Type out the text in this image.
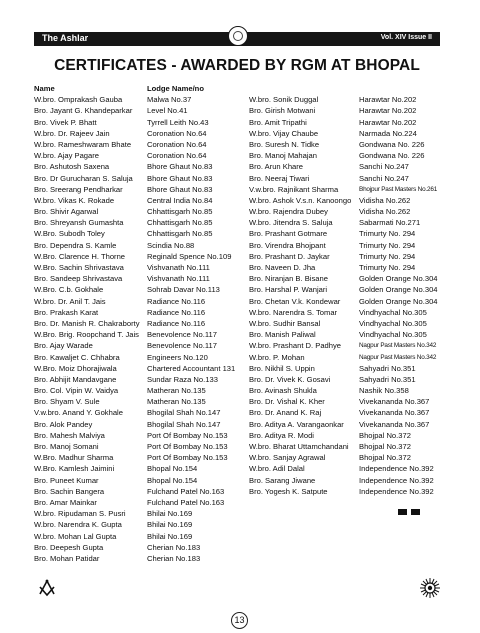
The Ashlar	Vol. XIV Issue II
CERTIFICATES - AWARDED BY RGM AT BHOPAL
Name
W.bro. Omprakash Gauba
Bro. Jayant G. Khandeparkar
Bro. Vivek P. Bhatt
W.bro. Dr. Rajeev Jain
W.bro. Rameshwaram Bhate
W.bro. Ajay Pagare
Bro. Ashutosh Saxena
Bro. Dr Gurucharan S. Saluja
Bro. Sreerang Pendharkar
W.bro. Vikas K. Rokade
Bro. Shivir Agarwal
Bro. Shreyansh Gumashta
W.Bro. Subodh Toley
Bro. Dependra S. Kamle
W.Bro. Clarence H. Thorne
W.Bro. Sachin Shrivastava
Bro. Sandeep Shrivastava
W.Bro. C.b. Gokhale
W.bro. Dr. Anil T. Jais
Bro. Prakash Karat
Bro. Dr. Manish R. Chakraborty
W.Bro. Brig. Roopchand T. Jais
Bro. Ajay Warade
Bro. Kawaljet C. Chhabra
W.Bro. Moiz Dhorajiwala
Bro. Abhijit Mandavgane
Bro. Col. Vipin W. Vaidya
Bro. Shyam V. Sule
V.w.bro. Anand Y. Gokhale
Bro. Alok Pandey
Bro. Mahesh Malviya
Bro. Manoj Somani
W.Bro. Madhur Sharma
W.Bro. Kamlesh Jaimini
Bro. Puneet Kumar
Bro. Sachin Bangera
Bro. Amar Mainkar
W.bro. Ripudaman S. Pusri
W.bro. Narendra K. Gupta
W.bro. Mohan Lal Gupta
Bro. Deepesh Gupta
Bro. Mohan Patidar
Lodge Name/no
Malwa No.37
Level No.41
Tyrrell Leith No.43
Coronation No.64
Coronation No.64
Coronation No.64
Bhore Ghaut No.83
Bhore Ghaut No.83
Bhore Ghaut No.83
Central India No.84
Chhattisgarh No.85
Chhattisgarh No.85
Chhattisgarh No.85
Scindia No.88
Reginald Spence No.109
Vishvanath No.111
Vishvanath No.111
Sohrab Davar No.113
Radiance No.116
Radiance No.116
Radiance No.116
Benevolence No.117
Benevolence No.117
Engineers No.120
Chartered Accountant 131
Sundar Raza No.133
Matheran No.135
Matheran No.135
Bhogilal Shah No.147
Bhogilal Shah No.147
Port Of Bombay No.153
Port Of Bombay No.153
Port Of Bombay No.153
Bhopal No.154
Bhopal No.154
Fulchand Patel No.163
Fulchand Patel No.163
Bhilai No.169
Bhilai No.169
Bhilai No.169
Cherian No.183
Cherian No.183
W.bro. Sonik Duggal
Bro. Girish Motwani
Bro. Amit Tripathi
W.bro. Vijay Chaube
Bro. Suresh N. Tidke
Bro. Manoj Mahajan
Bro. Arun Khare
Bro. Neeraj Tiwari
V.w.bro. Rajnikant Sharma
W.bro. Ashok V.s.n. Kanoongo
W.bro. Rajendra Dubey
W.bro. Jitendra S. Saluja
Bro. Prashant Gotmare
Bro. Virendra Bhojpant
Bro. Prashant D. Jaykar
Bro. Naveen D. Jha
Bro. Niranjan B. Bisane
Bro. Harshal P. Wanjari
Bro. Chetan V.k. Kondewar
W.bro. Narendra S. Tomar
W.bro. Sudhir Bansal
Bro. Manish Paliwal
W.bro. Prashant D. Padhye
W.bro. P. Mohan
Bro. Nikhil S. Uppin
Bro. Dr. Vivek K. Gosavi
Bro. Avinash Shukla
Bro. Dr. Vishal K. Kher
Bro. Dr. Anand K. Raj
Bro. Aditya A. Varangaonkar
Bro. Aditya R. Modi
W.bro. Bharat Uttamchandani
W.bro. Sanjay Agrawal
W.bro. Adil Dalal
Bro. Sarang Jiwane
Bro. Yogesh K. Satpute
Harawtar No.202
Harawtar No.202
Harawtar No.202
Narmada No.224
Gondwana No. 226
Gondwana No. 226
Sanchi No.247
Sanchi No.247
Bhojpur Past Masters No.261
Vidisha No.262
Vidisha No.262
Sabarmati No.271
Trimurty No. 294
Trimurty No. 294
Trimurty No. 294
Trimurty No. 294
Golden Orange No.304
Golden Orange No.304
Golden Orange No.304
Vindhyachal No.305
Vindhyachal No.305
Vindhyachal No.305
Nagpur Past Masters No.342
Nagpur Past Masters No.342
Sahyadri No.351
Sahyadri No.351
Nashik No.358
Vivekananda No.367
Vivekananda No.367
Vivekananda No.367
Bhojpal No.372
Bhojpal No.372
Bhojpal No.372
Independence No.392
Independence No.392
Independence No.392
13
